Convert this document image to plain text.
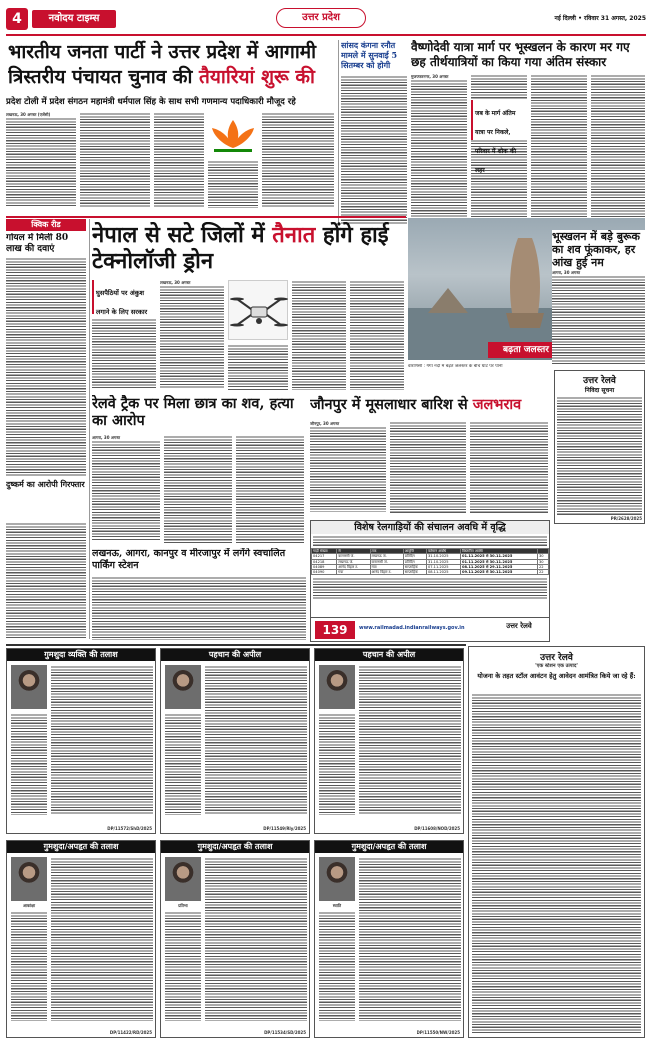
4	नवोदय टाइम्स	उत्तर प्रदेश	नई दिल्ली • रविवार 31 अगस्त, 2025
भारतीय जनता पार्टी ने उत्तर प्रदेश में आगामी त्रिस्तरीय पंचायत चुनाव की तैयारियां शुरू की
प्रदेश टोली में प्रदेश संगठन महामंत्री धर्मपाल सिंह के साथ सभी गणमान्य पदाधिकारी मौजूद रहे
लखनऊ, 30 अगस्त (एजेंसी)
सांसद कंगना रनौत मामले में सुनवाई 5 सितम्बर को होगी
वैष्णोदेवी यात्रा मार्ग पर भूस्खलन के कारण मर गए छह तीर्थयात्रियों का किया गया अंतिम संस्कार
मुजफ्फरनगर, 30 अगस्त
जब के मार्ग अंतिम यात्रा पर निकले, परिवार में शोक की लहर
क्विक रीड
गोयल में मिली 80 लाख की दवाएं
दुष्कर्म का आरोपी गिरफ्तार
नेपाल से सटे जिलों में तैनात होंगे हाई टेक्नोलॉजी ड्रोन
घुसपैठियों पर अंकुश लगाने के लिए सरकार
लखनऊ, 30 अगस्त
बढ़ता जलस्तर
वाराणसी : गंगा नदी में बढ़ते जलस्तर के बीच घाट पर पानी
भूस्खलन में बड़े बुरूक का शव फूंकाकर, हर आंख हुई नम
आगरा, 30 अगस्त
रेलवे ट्रैक पर मिला छात्र का शव, हत्या का आरोप
आगरा, 30 अगस्त
जौनपुर में मूसलाधार बारिश से जलभराव
जौनपुर, 30 अगस्त
विशेष रेलगाड़ियों की संचालन अवधि में वृद्धि
गाड़ी संख्या	से	तक	आवृत्ति	वर्तमान अवधि	विस्तारित अवधि	
04217	वाराणसी जं.	लखनऊ जं.	प्रतिदिन	31.10.2025	01.11.2025 से 30.11.2025	30
04218	लखनऊ जं.	वाराणसी जं.	प्रतिदिन	31.10.2025	01.11.2025 से 30.11.2025	30
04089	आनंद विहार ट.	गया	साप्ताहिक	07.11.2025	08.11.2025 से 29.11.2025	22
04090	गया	आनंद विहार ट.	साप्ताहिक	08.11.2025	09.11.2025 से 30.11.2025	22
139	www.railmadad.indianrailways.gov.in	उत्तर रेलवे
लखनऊ, आगरा, कानपुर व मीरजापुर में लगेंगे स्वचालित पार्किंग स्टेशन
उत्तर रेलवे
निविदा सूचना
PR/2628/2025
उत्तर रेलवे
'एक स्टेशन एक उत्पाद'
योजना के तहत स्टॉल आवंटन हेतु आवेदन आमंत्रित किये जा रहे हैं:
गुमशुदा व्यक्ति की तलाश
DP/11572/ShD/2025
पहचान की अपील
DP/11549/Rly/2025
पहचान की अपील
DP/11608/NOD/2025
गुमशुदा/अपहृत की तलाश
आकांक्षा
DP/11422/RD/2025
गुमशुदा/अपहृत की तलाश
प्रतिभा
DP/11534/SD/2025
गुमशुदा/अपहृत की तलाश
स्वाति
DP/11550/NW/2025
